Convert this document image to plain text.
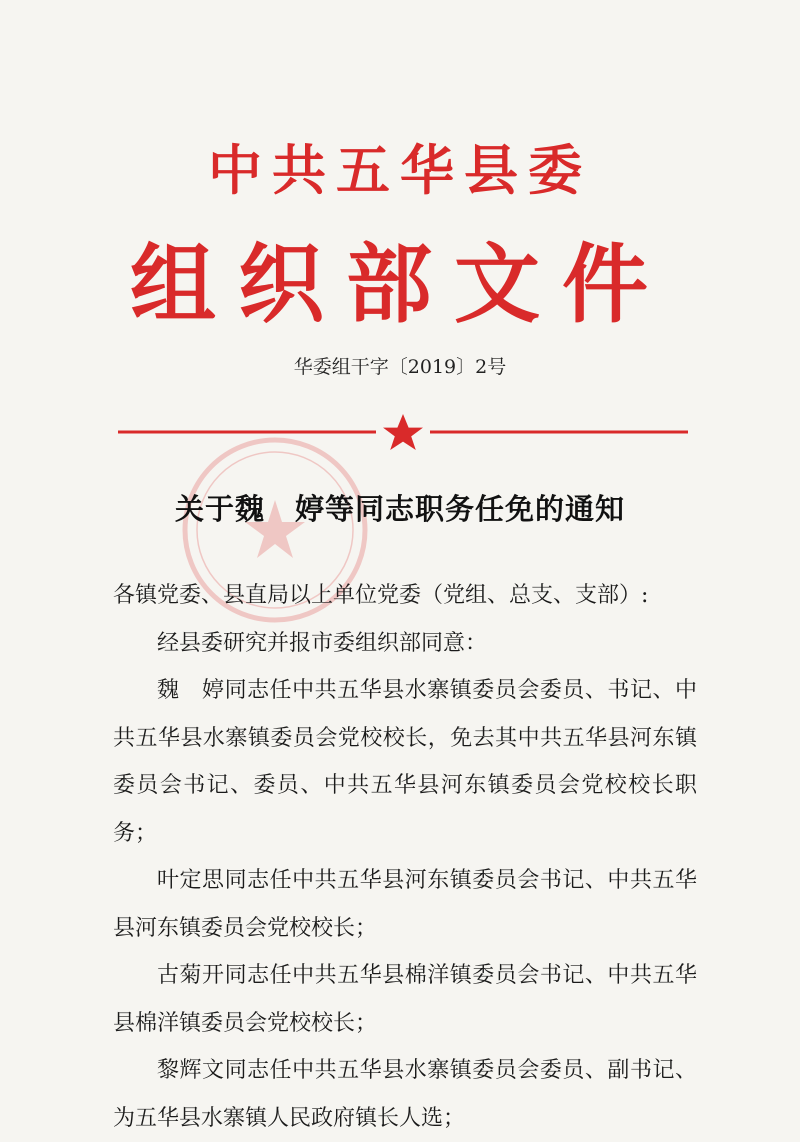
中共五华县委
组织部文件
华委组干字〔2019〕2号
关于魏　婷等同志职务任免的通知

各镇党委、县直局以上单位党委（党组、总支、支部）:

经县委研究并报市委组织部同意：

魏　婷同志任中共五华县水寨镇委员会委员、书记、中共五华县水寨镇委员会党校校长，免去其中共五华县河东镇委员会书记、委员、中共五华县河东镇委员会党校校长职务；

叶定思同志任中共五华县河东镇委员会书记、中共五华县河东镇委员会党校校长；

古菊开同志任中共五华县棉洋镇委员会书记、中共五华县棉洋镇委员会党校校长；

黎辉文同志任中共五华县水寨镇委员会委员、副书记、为五华县水寨镇人民政府镇长人选；
